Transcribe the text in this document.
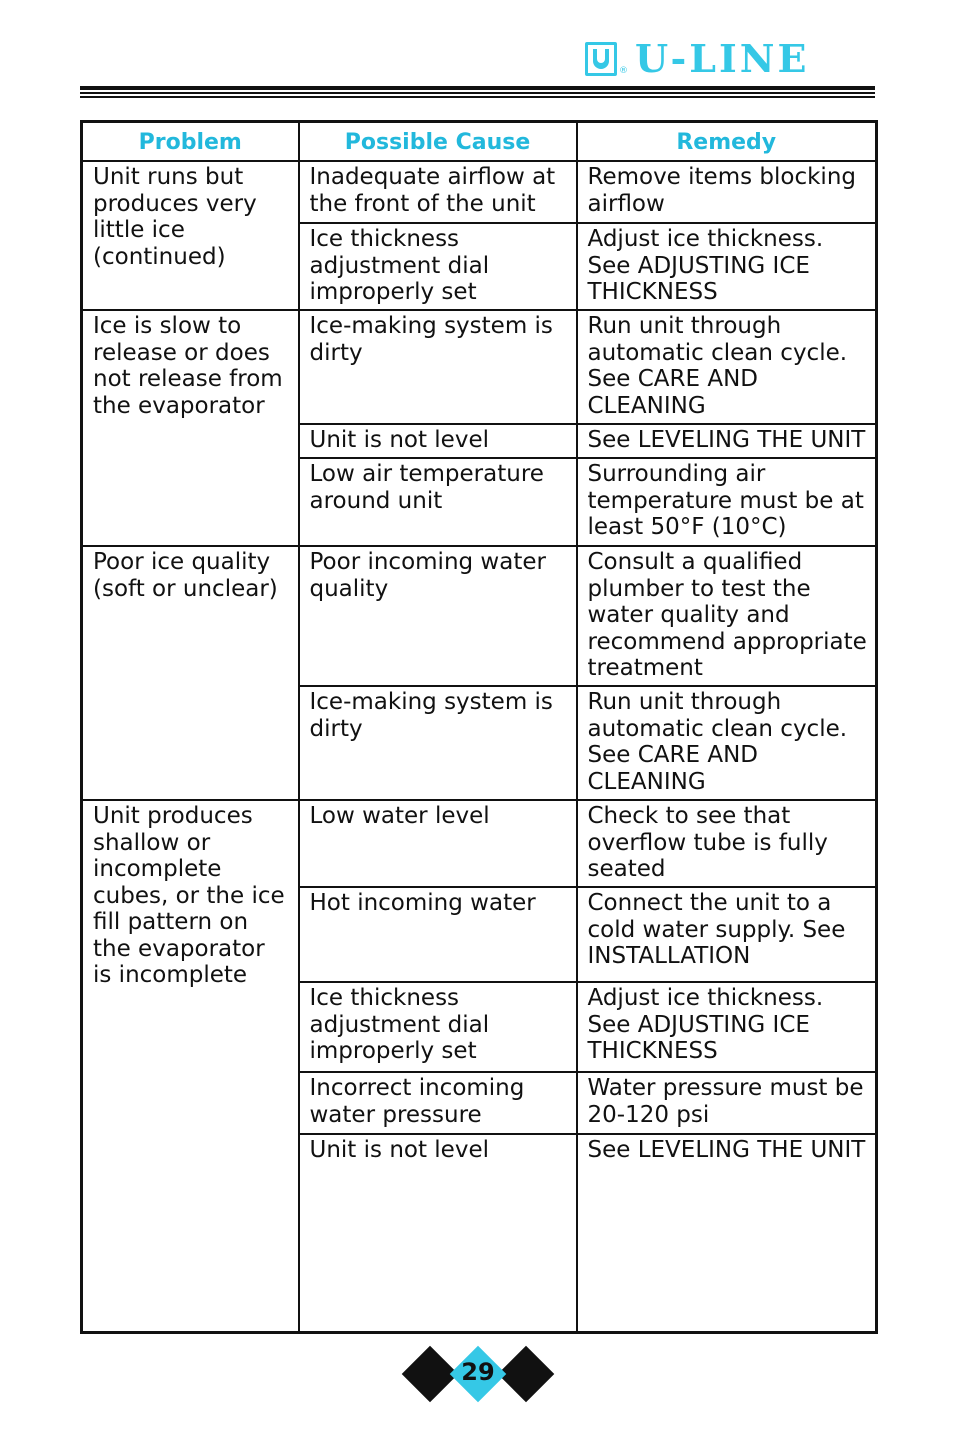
® U-LINE
Problem	Possible Cause	Remedy
Unit runs but produces very little ice (continued)	Inadequate airflow at the front of the unit	Remove items blocking airflow
	Ice thickness adjustment dial improperly set	Adjust ice thickness. See ADJUSTING ICE THICKNESS
Ice is slow to release or does not release from the evaporator	Ice-making system is dirty	Run unit through automatic clean cycle. See CARE AND CLEANING
	Unit is not level	See LEVELING THE UNIT
	Low air temperature around unit	Surrounding air temperature must be at least 50°F (10°C)
Poor ice quality (soft or unclear)	Poor incoming water quality	Consult a qualified plumber to test the water quality and recommend appropriate treatment
	Ice-making system is dirty	Run unit through automatic clean cycle. See CARE AND CLEANING
Unit produces shallow or incomplete cubes, or the ice fill pattern on the evaporator is incomplete	Low water level	Check to see that overflow tube is fully seated
	Hot incoming water	Connect the unit to a cold water supply. See INSTALLATION
	Ice thickness adjustment dial improperly set	Adjust ice thickness. See ADJUSTING ICE THICKNESS
	Incorrect incoming water pressure	Water pressure must be 20-120 psi
	Unit is not level	See LEVELING THE UNIT
29
